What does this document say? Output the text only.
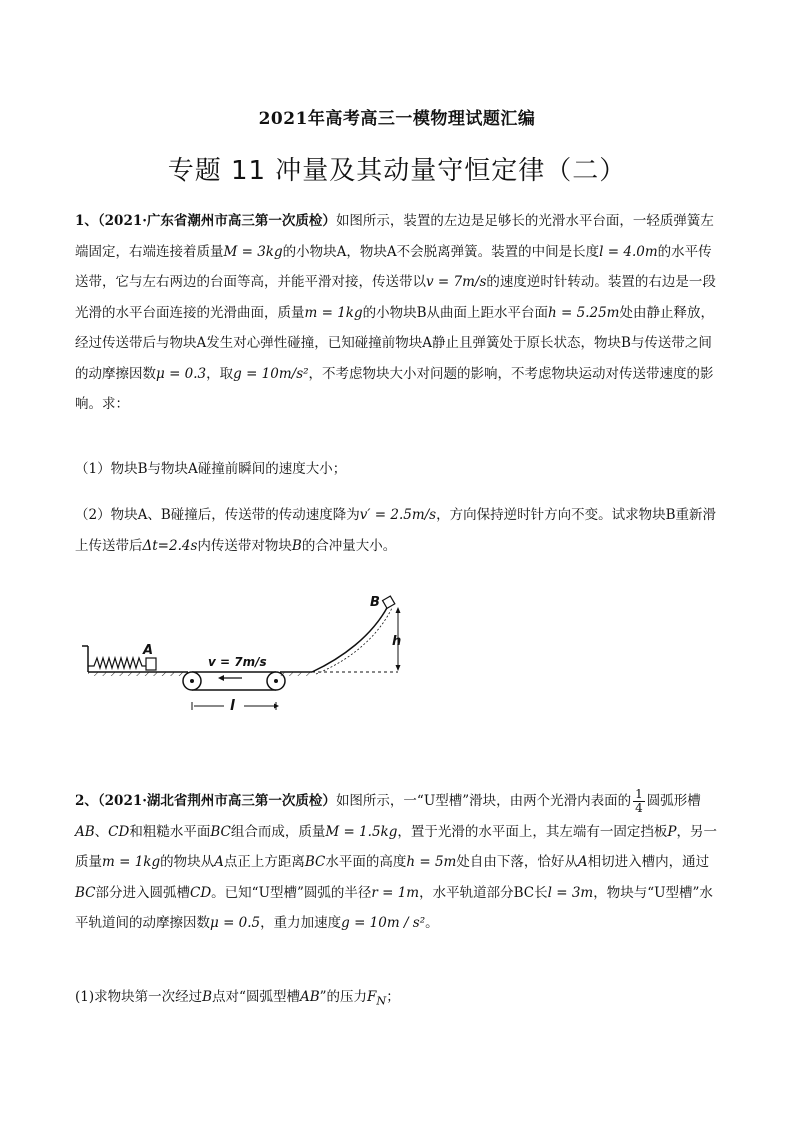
2021年高考高三一模物理试题汇编
专题 11 冲量及其动量守恒定律（二）
1、（2021·广东省潮州市高三第一次质检）如图所示，装置的左边是足够长的光滑水平台面，一轻质弹簧左端固定，右端连接着质量M = 3kg的小物块A，物块A不会脱离弹簧。装置的中间是长度l = 4.0m的水平传送带，它与左右两边的台面等高，并能平滑对接，传送带以v = 7m/s的速度逆时针转动。装置的右边是一段光滑的水平台面连接的光滑曲面，质量m = 1kg的小物块B从曲面上距水平台面h = 5.25m处由静止释放，经过传送带后与物块A发生对心弹性碰撞，已知碰撞前物块A静止且弹簧处于原长状态，物块B与传送带之间的动摩擦因数μ = 0.3，取g = 10m/s²，不考虑物块大小对问题的影响，不考虑物块运动对传送带速度的影响。求：
（1）物块B与物块A碰撞前瞬间的速度大小；
（2）物块A、B碰撞后，传送带的传动速度降为v′ = 2.5m/s，方向保持逆时针方向不变。试求物块B重新滑上传送带后Δt=2.4s内传送带对物块B的合冲量大小。
A
v = 7m/s
l
B
h
2、（2021·湖北省荆州市高三第一次质检）如图所示，一“U型槽”滑块，由两个光滑内表面的 $\frac{1}{4}$ 圆弧形槽AB、CD和粗糙水平面BC组合而成，质量M = 1.5kg，置于光滑的水平面上，其左端有一固定挡板P，另一质量m = 1kg的物块从A点正上方距离BC水平面的高度h = 5m处自由下落，恰好从A相切进入槽内，通过BC部分进入圆弧槽CD。已知“U型槽”圆弧的半径r = 1m，水平轨道部分BC长l = 3m，物块与“U型槽”水平轨道间的动摩擦因数μ = 0.5，重力加速度g = 10m / s²。
(1)求物块第一次经过B点对“圆弧型槽AB”的压力$F_N$；
